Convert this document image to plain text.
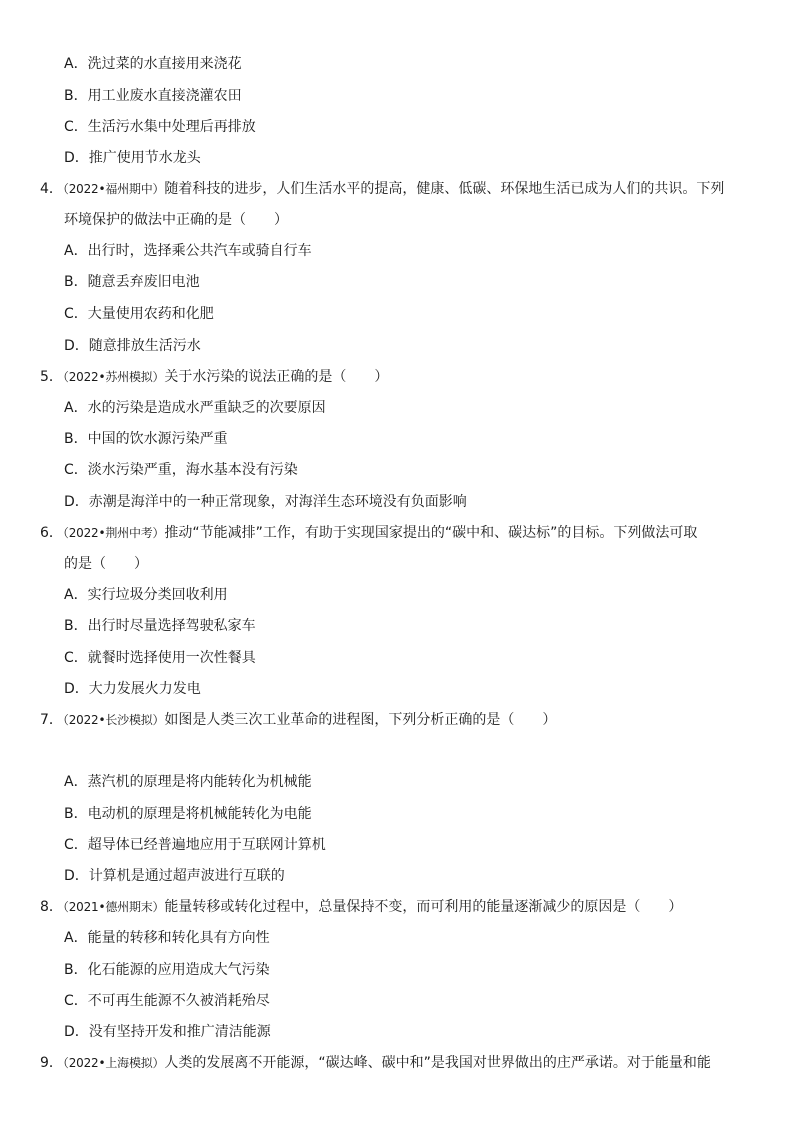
A．洗过菜的水直接用来浇花
B．用工业废水直接浇灌农田
C．生活污水集中处理后再排放
D．推广使用节水龙头
4．（2022•福州期中）随着科技的进步，人们生活水平的提高，健康、低碳、环保地生活已成为人们的共识。下列
环境保护的做法中正确的是（　　）
A．出行时，选择乘公共汽车或骑自行车
B．随意丢弃废旧电池
C．大量使用农药和化肥
D．随意排放生活污水
5．（2022•苏州模拟）关于水污染的说法正确的是（　　）
A．水的污染是造成水严重缺乏的次要原因
B．中国的饮水源污染严重
C．淡水污染严重，海水基本没有污染
D．赤潮是海洋中的一种正常现象，对海洋生态环境没有负面影响
6．（2022•荆州中考）推动“节能减排”工作，有助于实现国家提出的“碳中和、碳达标”的目标。下列做法可取
的是（　　）
A．实行垃圾分类回收利用
B．出行时尽量选择驾驶私家车
C．就餐时选择使用一次性餐具
D．大力发展火力发电
7．（2022•长沙模拟）如图是人类三次工业革命的进程图，下列分析正确的是（　　）
A．蒸汽机的原理是将内能转化为机械能
B．电动机的原理是将机械能转化为电能
C．超导体已经普遍地应用于互联网计算机
D．计算机是通过超声波进行互联的
8．（2021•德州期末）能量转移或转化过程中，总量保持不变，而可利用的能量逐渐减少的原因是（　　）
A．能量的转移和转化具有方向性
B．化石能源的应用造成大气污染
C．不可再生能源不久被消耗殆尽
D．没有坚持开发和推广清洁能源
9．（2022•上海模拟）人类的发展离不开能源，“碳达峰、碳中和”是我国对世界做出的庄严承诺。对于能量和能
